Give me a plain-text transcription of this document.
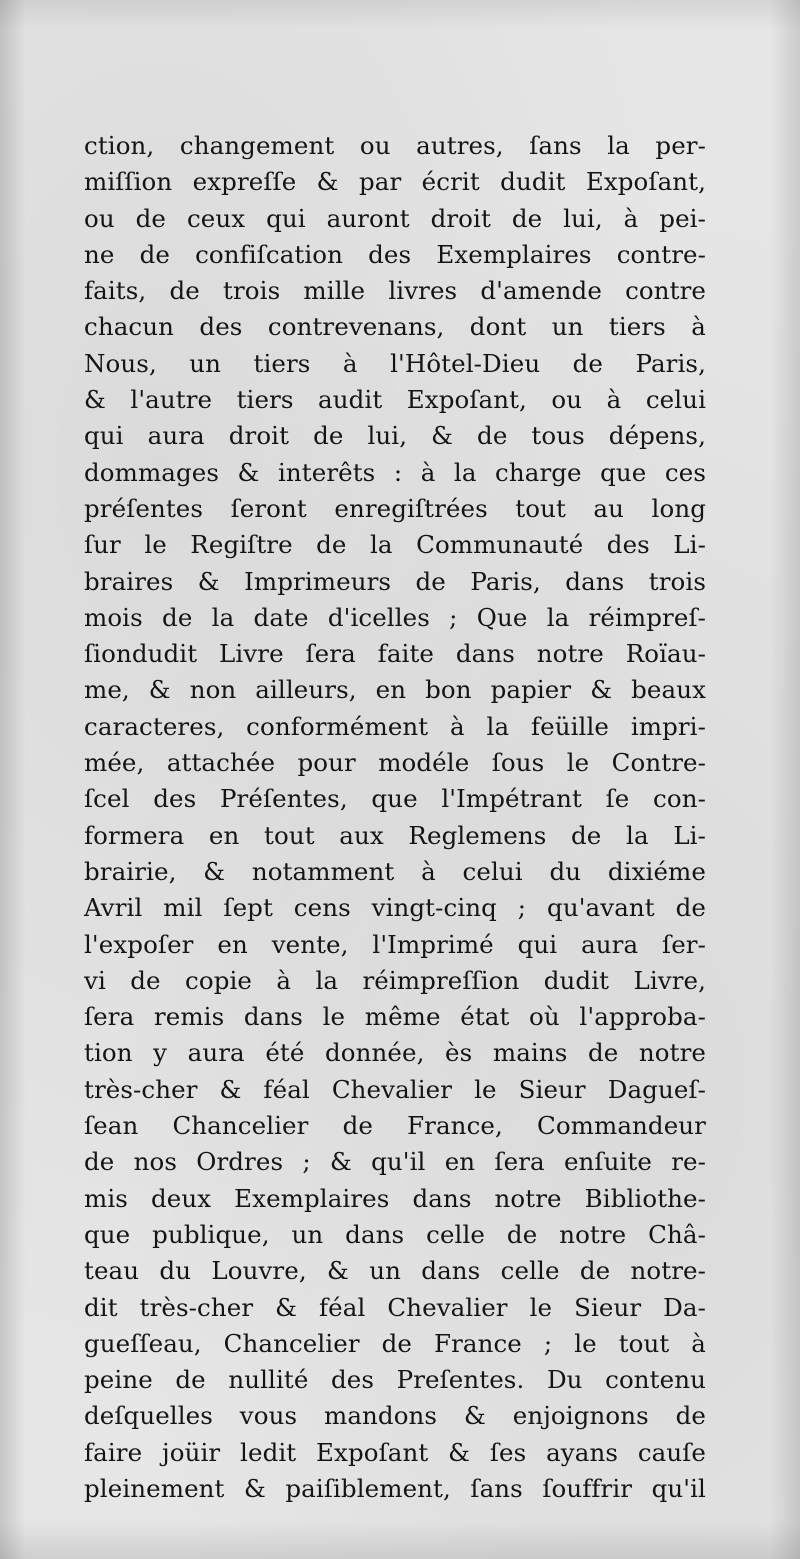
ction, changement ou autres, ſans la per-
miſſion expreſſe & par écrit dudit Expoſant,
ou de ceux qui auront droit de lui, à pei-
ne de confiſcation des Exemplaires contre-
faits, de trois mille livres d'amende contre
chacun des contrevenans, dont un tiers à
Nous, un tiers à l'Hôtel-Dieu de Paris,
& l'autre tiers audit Expoſant, ou à celui
qui aura droit de lui, & de tous dépens,
dommages & interêts : à la charge que ces
préſentes ſeront enregiſtrées tout au long
ſur le Regiſtre de la Communauté des Li-
braires & Imprimeurs de Paris, dans trois
mois de la date d'icelles ; Que la réimpreſ-
ſiondudit Livre ſera faite dans notre Roïau-
me, & non ailleurs, en bon papier & beaux
caracteres, conformément à la feüille impri-
mée, attachée pour modéle ſous le Contre-
ſcel des Préſentes, que l'Impétrant ſe con-
formera en tout aux Reglemens de la Li-
brairie, & notamment à celui du dixiéme
Avril mil ſept cens vingt-cinq ; qu'avant de
l'expoſer en vente, l'Imprimé qui aura ſer-
vi de copie à la réimpreſſion dudit Livre,
ſera remis dans le même état où l'approba-
tion y aura été donnée, ès mains de notre
très-cher & féal Chevalier le Sieur Dagueſ-
ſean Chancelier de France, Commandeur
de nos Ordres ; & qu'il en ſera enſuite re-
mis deux Exemplaires dans notre Bibliothe-
que publique, un dans celle de notre Châ-
teau du Louvre, & un dans celle de notre-
dit très-cher & féal Chevalier le Sieur Da-
gueſſeau, Chancelier de France ; le tout à
peine de nullité des Preſentes. Du contenu
deſquelles vous mandons & enjoignons de
faire joüir ledit Expoſant & ſes ayans cauſe
pleinement & paiſiblement, ſans ſouffrir qu'il
